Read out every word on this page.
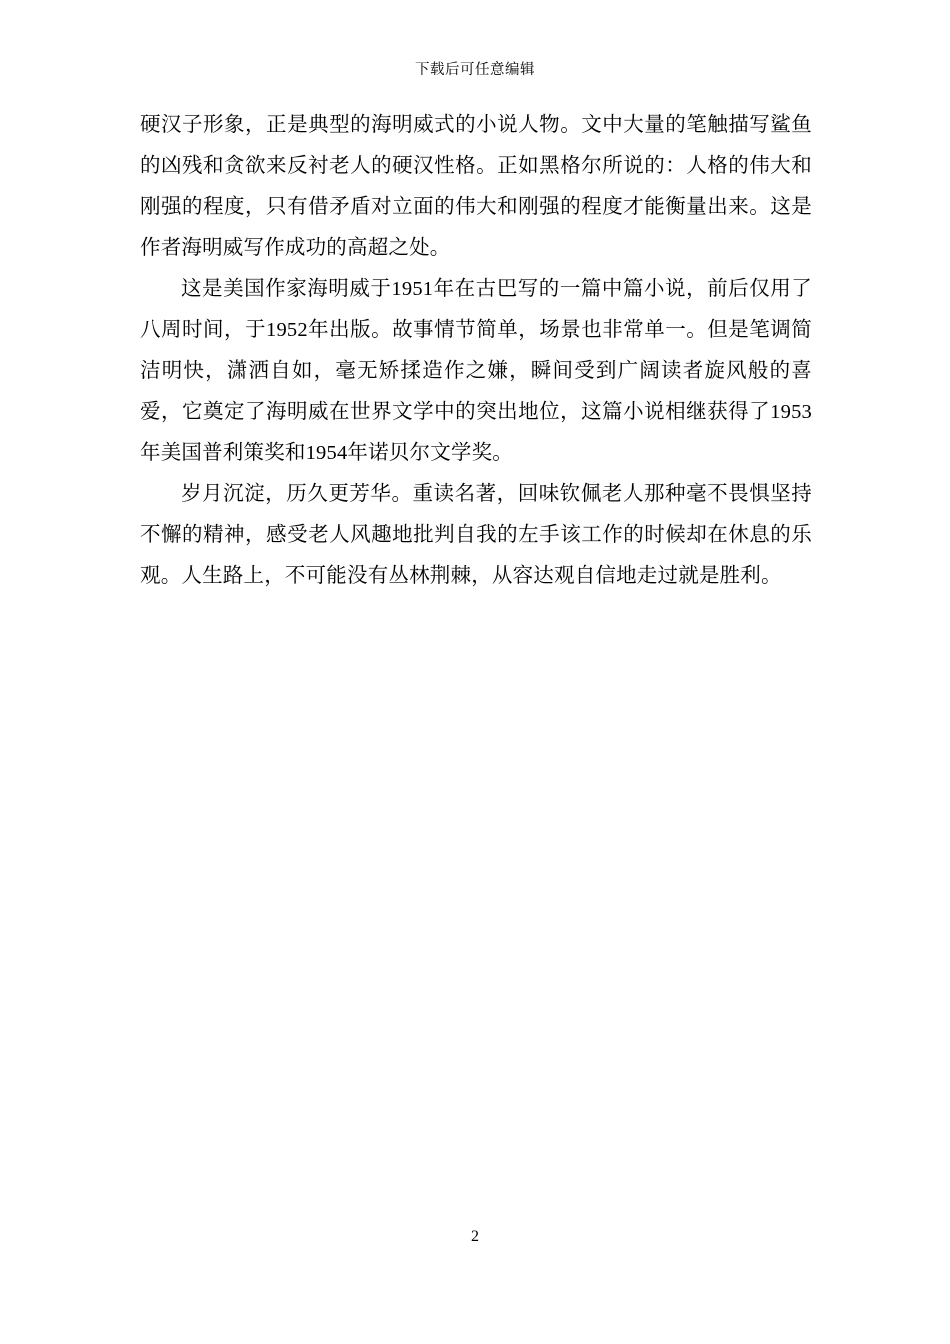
下载后可任意编辑

硬汉子形象，正是典型的海明威式的小说人物。文中大量的笔触描写鲨鱼的凶残和贪欲来反衬老人的硬汉性格。正如黑格尔所说的：人格的伟大和刚强的程度，只有借矛盾对立面的伟大和刚强的程度才能衡量出来。这是作者海明威写作成功的高超之处。

这是美国作家海明威于1951年在古巴写的一篇中篇小说，前后仅用了八周时间，于1952年出版。故事情节简单，场景也非常单一。但是笔调简洁明快，潇洒自如，毫无矫揉造作之嫌，瞬间受到广阔读者旋风般的喜爱，它奠定了海明威在世界文学中的突出地位，这篇小说相继获得了1953年美国普利策奖和1954年诺贝尔文学奖。

岁月沉淀，历久更芳华。重读名著，回味钦佩老人那种毫不畏惧坚持不懈的精神，感受老人风趣地批判自我的左手该工作的时候却在休息的乐观。人生路上，不可能没有丛林荆棘，从容达观自信地走过就是胜利。

2
